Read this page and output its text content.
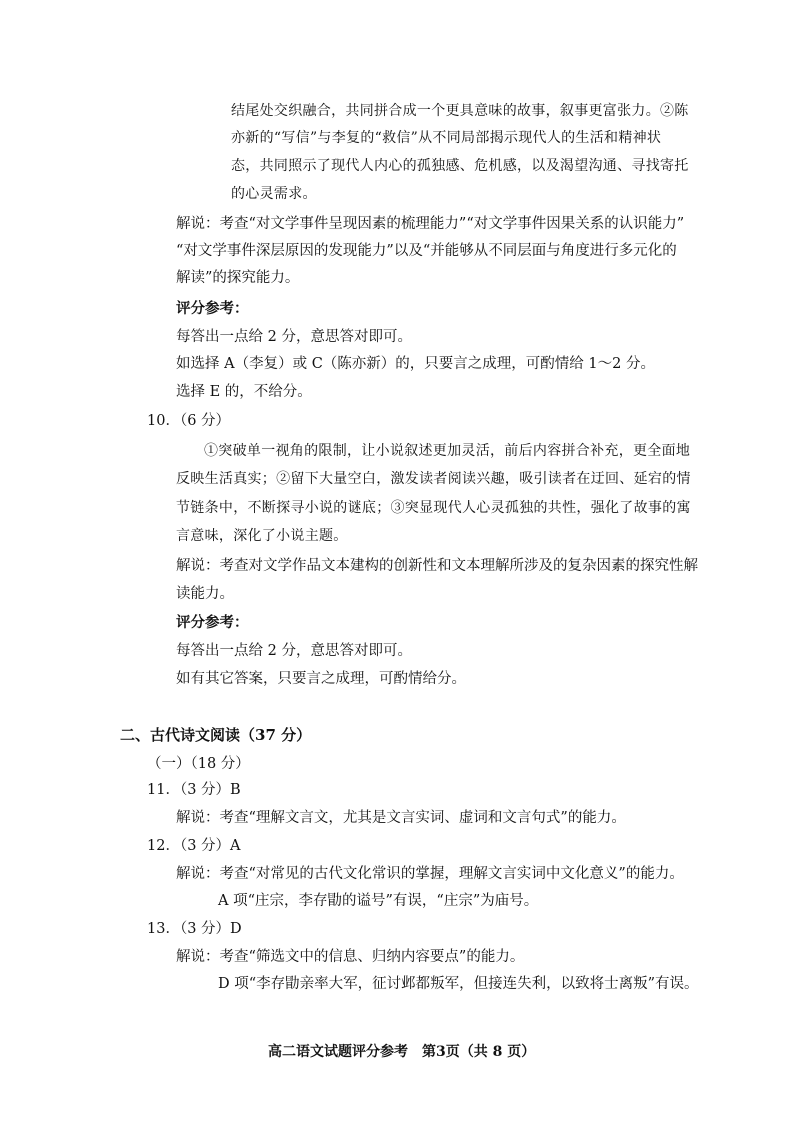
结尾处交织融合，共同拼合成一个更具意味的故事，叙事更富张力。②陈
亦新的“写信”与李复的“救信”从不同局部揭示现代人的生活和精神状
态，共同照示了现代人内心的孤独感、危机感，以及渴望沟通、寻找寄托
的心灵需求。
解说：考查“对文学事件呈现因素的梳理能力”“对文学事件因果关系的认识能力”
“对文学事件深层原因的发现能力”以及“并能够从不同层面与角度进行多元化的
解读”的探究能力。
评分参考：
每答出一点给 2 分，意思答对即可。
如选择 A（李复）或 C（陈亦新）的，只要言之成理，可酌情给 1～2 分。
选择 E 的，不给分。
10．（6 分）
①突破单一视角的限制，让小说叙述更加灵活，前后内容拼合补充，更全面地
反映生活真实；②留下大量空白，激发读者阅读兴趣，吸引读者在迂回、延宕的情
节链条中，不断探寻小说的谜底；③突显现代人心灵孤独的共性，强化了故事的寓
言意味，深化了小说主题。
解说：考查对文学作品文本建构的创新性和文本理解所涉及的复杂因素的探究性解
读能力。
评分参考：
每答出一点给 2 分，意思答对即可。
如有其它答案，只要言之成理，可酌情给分。
二、古代诗文阅读（37 分）
（一）（18 分）
11．（3 分）B
解说：考查“理解文言文，尤其是文言实词、虚词和文言句式”的能力。
12．（3 分）A
解说：考查“对常见的古代文化常识的掌握，理解文言实词中文化意义”的能力。
A 项“庄宗，李存勖的谥号”有误，“庄宗”为庙号。
13．（3 分）D
解说：考查“筛选文中的信息、归纳内容要点”的能力。
D 项“李存勖亲率大军，征讨邺都叛军，但接连失利，以致将士离叛”有误。
高二语文试题评分参考　第3页（共 8 页）
